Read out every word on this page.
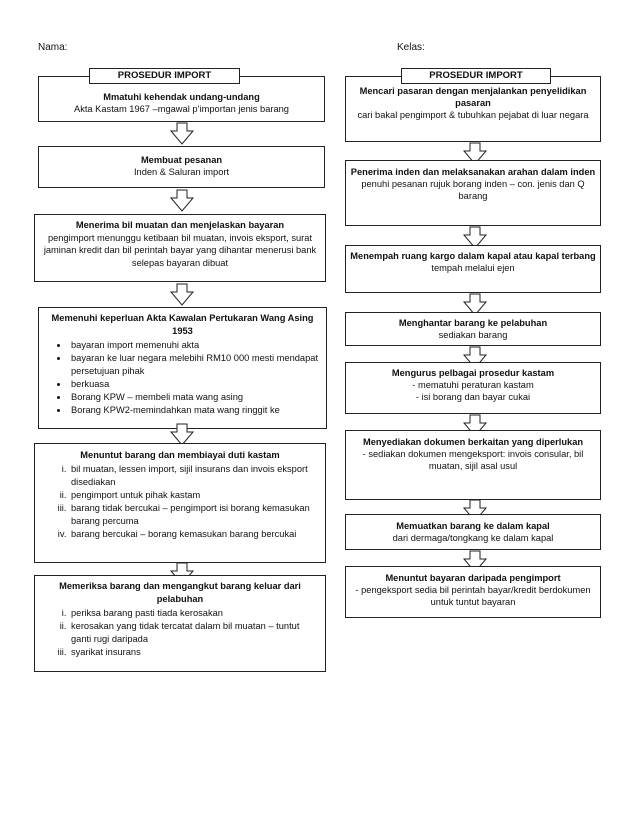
Nama:	Kelas:
Mmatuhi kehendak undang-undang
Akta Kastam 1967 –mgawal p’importan jenis barang
PROSEDUR IMPORT
Membuat pesanan
Inden & Saluran import
Menerima bil muatan dan menjelaskan bayaran
pengimport menunggu ketibaan bil muatan, invois eksport, surat jaminan kredit dan bil perintah bayar yang dihantar menerusi bank selepas bayaran dibuat
Memenuhi keperluan Akta Kawalan Pertukaran Wang Asing 1953
• bayaran import memenuhi akta
• bayaran ke luar negara melebihi RM10 000 mesti mendapat persetujuan pihak
• berkuasa
• Borang KPW – membeli mata wang asing
• Borang KPW2-memindahkan mata wang ringgit ke
Menuntut barang dan membiayai duti kastam
i. bil muatan, lessen import, sijil insurans dan invois eksport disediakan
ii. pengimport untuk pihak kastam
iii. barang tidak bercukai – pengimport isi borang kemasukan barang percuma
iv. barang bercukai – borang kemasukan barang bercukai
Memeriksa barang dan mengangkut barang keluar dari pelabuhan
i. periksa barang pasti tiada kerosakan
ii. kerosakan yang tidak tercatat dalam bil muatan – tuntut ganti rugi daripada
iii. syarikat insurans
Mencari pasaran dengan menjalankan penyelidikan pasaran
cari bakal pengimport & tubuhkan pejabat di luar negara
PROSEDUR IMPORT
Penerima inden dan melaksanakan arahan dalam inden
penuhi pesanan rujuk borang inden – con. jenis dan Q barang
Menempah ruang kargo dalam kapal atau kapal terbang
tempah melalui ejen
Menghantar barang ke pelabuhan
sediakan barang
Mengurus pelbagai prosedur kastam
- mematuhi peraturan kastam
- isi borang dan bayar cukai
Menyediakan dokumen berkaitan yang diperlukan
- sediakan dokumen mengeksport: invois consular, bil muatan, sijil asal usul
Memuatkan barang ke dalam kapal
dari dermaga/tongkang ke dalam kapal
Menuntut bayaran daripada pengimport
- pengeksport sedia bil perintah bayar/kredit berdokumen untuk tuntut bayaran
